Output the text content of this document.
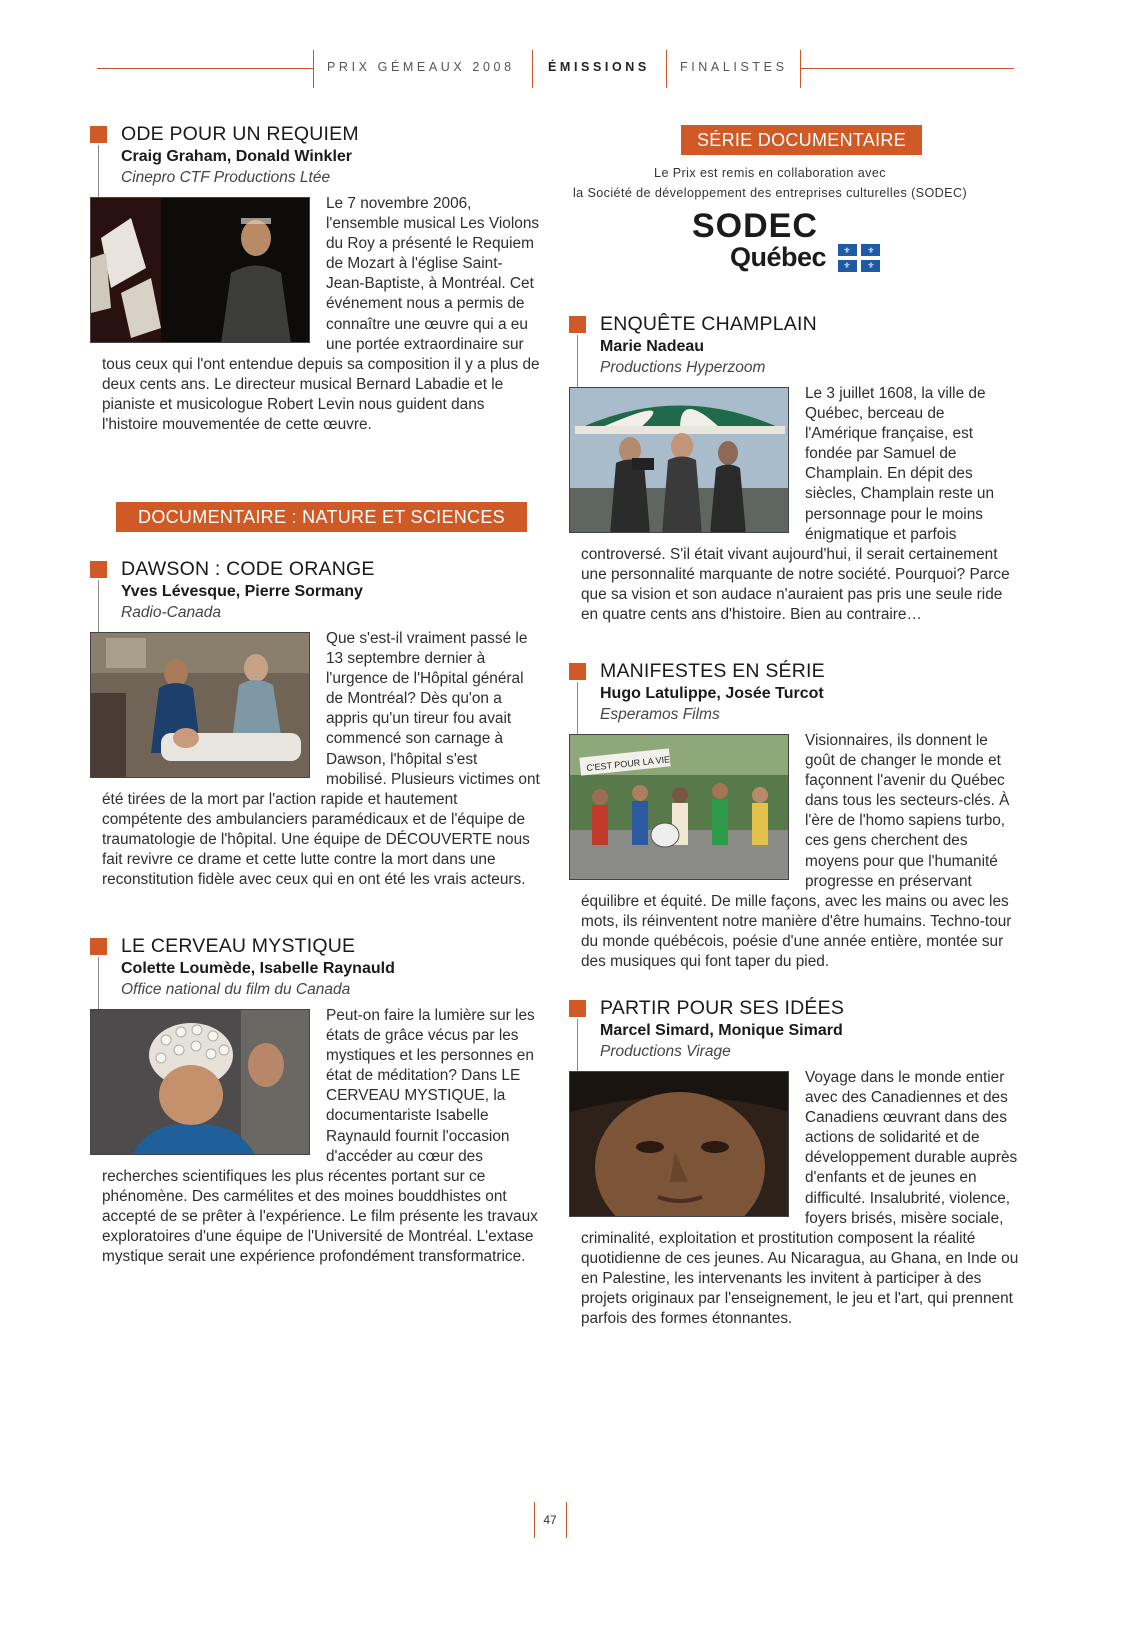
PRIX GÉMEAUX 2008	ÉMISSIONS FINALISTES
ODE POUR UN REQUIEM
Craig Graham, Donald Winkler
Cinepro CTF Productions Ltée
Le 7 novembre 2006, l'ensemble musical Les Violons du Roy a présenté le Requiem de Mozart à l'église Saint-Jean-Baptiste, à Montréal. Cet événement nous a permis de connaître une œuvre qui a eu une portée extraordinaire sur tous ceux qui l'ont entendue depuis sa composition il y a plus de deux cents ans. Le directeur musical Bernard Labadie et le pianiste et musicologue Robert Levin nous guident dans l'histoire mouvementée de cette œuvre.
DOCUMENTAIRE : NATURE ET SCIENCES
DAWSON : CODE ORANGE
Yves Lévesque, Pierre Sormany
Radio-Canada
Que s'est-il vraiment passé le 13 septembre dernier à l'urgence de l'Hôpital général de Montréal? Dès qu'on a appris qu'un tireur fou avait commencé son carnage à Dawson, l'hôpital s'est mobilisé. Plusieurs victimes ont été tirées de la mort par l'action rapide et hautement compétente des ambulanciers paramédicaux et de l'équipe de traumatologie de l'hôpital. Une équipe de DÉCOUVERTE nous fait revivre ce drame et cette lutte contre la mort dans une reconstitution fidèle avec ceux qui en ont été les vrais acteurs.
LE CERVEAU MYSTIQUE
Colette Loumède, Isabelle Raynauld
Office national du film du Canada
Peut-on faire la lumière sur les états de grâce vécus par les mystiques et les personnes en état de méditation? Dans LE CERVEAU MYSTIQUE, la documentariste Isabelle Raynauld fournit l'occasion d'accéder au cœur des recherches scientifiques les plus récentes portant sur ce phénomène. Des carmélites et des moines bouddhistes ont accepté de se prêter à l'expérience. Le film présente les travaux exploratoires d'une équipe de l'Université de Montréal. L'extase mystique serait une expérience profondément transformatrice.
SÉRIE DOCUMENTAIRE
Le Prix est remis en collaboration avec
la Société de développement des entreprises culturelles (SODEC)
SODEC
Québec ⚜ ⚜
⚜ ⚜
ENQUÊTE CHAMPLAIN
Marie Nadeau
Productions Hyperzoom
Le 3 juillet 1608, la ville de Québec, berceau de l'Amérique française, est fondée par Samuel de Champlain. En dépit des siècles, Champlain reste un personnage pour le moins énigmatique et parfois controversé. S'il était vivant aujourd'hui, il serait certainement une personnalité marquante de notre société. Pourquoi? Parce que sa vision et son audace n'auraient pas pris une seule ride en quatre cents ans d'histoire. Bien au contraire…
MANIFESTES EN SÉRIE
Hugo Latulippe, Josée Turcot
Esperamos Films
C'EST POUR LA VIE
Visionnaires, ils donnent le goût de changer le monde et façonnent l'avenir du Québec dans tous les secteurs-clés. À l'ère de l'homo sapiens turbo, ces gens cherchent des moyens pour que l'humanité progresse en préservant équilibre et équité. De mille façons, avec les mains ou avec les mots, ils réinventent notre manière d'être humains. Techno-tour du monde québécois, poésie d'une année entière, montée sur des musiques qui font taper du pied.
PARTIR POUR SES IDÉES
Marcel Simard, Monique Simard
Productions Virage
Voyage dans le monde entier avec des Canadiennes et des Canadiens œuvrant dans des actions de solidarité et de développement durable auprès d'enfants et de jeunes en difficulté. Insalubrité, violence, foyers brisés, misère sociale, criminalité, exploitation et prostitution composent la réalité quotidienne de ces jeunes. Au Nicaragua, au Ghana, en Inde ou en Palestine, les intervenants les invitent à participer à des projets originaux par l'enseignement, le jeu et l'art, qui prennent parfois des formes étonnantes.
47
